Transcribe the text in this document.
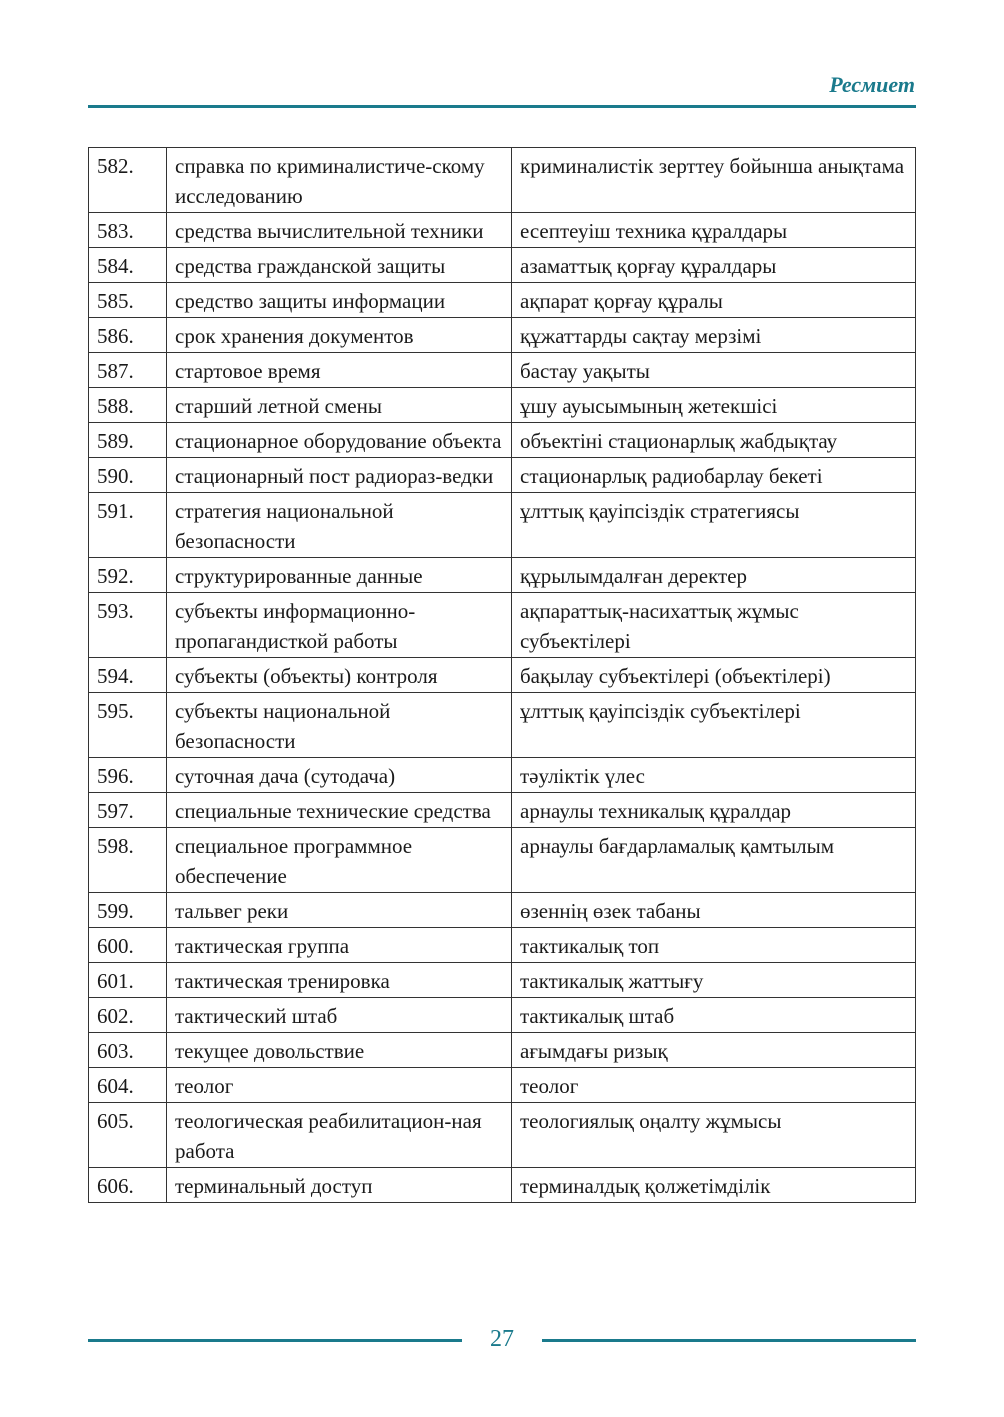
Ресмиет
582.	справка по криминалистиче-скому исследованию	криминалистік зерттеу бойынша анықтама
583.	средства вычислительной техники	есептеуіш техника құралдары
584.	средства гражданской защиты	азаматтық қорғау құралдары
585.	средство защиты информации	ақпарат қорғау құралы
586.	срок хранения документов	құжаттарды сақтау мерзімі
587.	стартовое время	бастау уақыты
588.	старший летной смены	ұшу ауысымының жетекшісі
589.	стационарное оборудование объекта	объектіні стационарлық жабдықтау
590.	стационарный пост радиораз-ведки	стационарлық радиобарлау бекеті
591.	стратегия национальной безопасности	ұлттық қауіпсіздік стратегиясы
592.	структурированные данные	құрылымдалған деректер
593.	субъекты информационно-пропагандисткой работы	ақпараттық-насихаттық жұмыс субъектілері
594.	субъекты (объекты) контроля	бақылау субъектілері (объектілері)
595.	субъекты национальной безопасности	ұлттық қауіпсіздік субъектілері
596.	суточная дача (сутодача)	тәуліктік үлес
597.	специальные технические средства	арнаулы техникалық құралдар
598.	специальное программное обеспечение	арнаулы бағдарламалық қамтылым
599.	тальвег реки	өзеннің өзек табаны
600.	тактическая группа	тактикалық топ
601.	тактическая тренировка	тактикалық жаттығу
602.	тактический штаб	тактикалық штаб
603.	текущее довольствие	ағымдағы ризық
604.	теолог	теолог
605.	теологическая реабилитацион-ная работа	теологиялық оңалту жұмысы
606.	терминальный доступ	терминалдық қолжетімділік
27
